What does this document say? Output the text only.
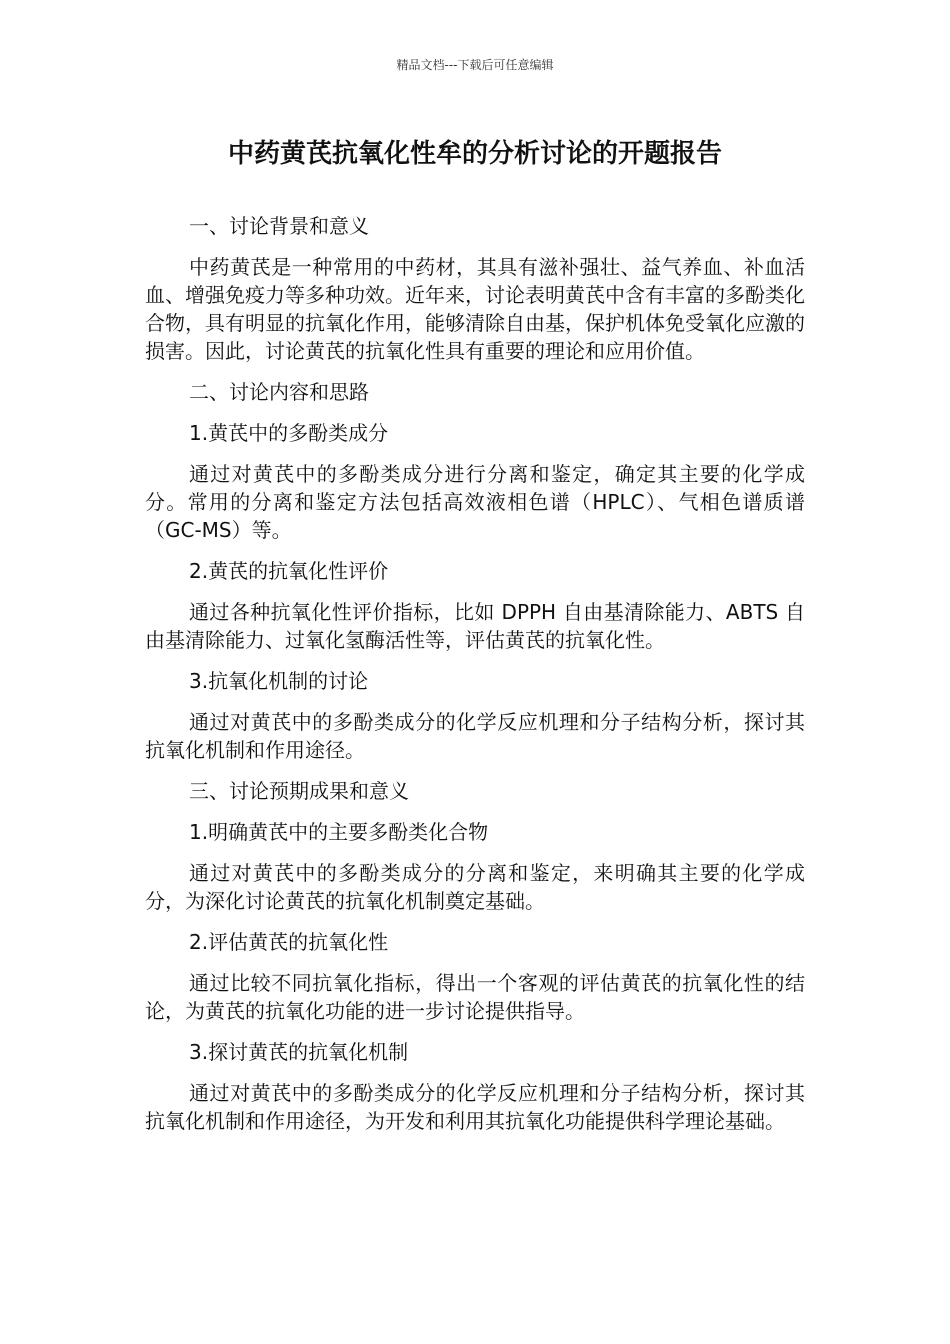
精品文档---下载后可任意编辑
中药黄芪抗氧化性牟的分析讨论的开题报告

一、讨论背景和意义

中药黄芪是一种常用的中药材，其具有滋补强壮、益气养血、补血活血、增强免疫力等多种功效。近年来，讨论表明黄芪中含有丰富的多酚类化合物，具有明显的抗氧化作用，能够清除自由基，保护机体免受氧化应激的损害。因此，讨论黄芪的抗氧化性具有重要的理论和应用价值。

二、讨论内容和思路

1.黄芪中的多酚类成分

通过对黄芪中的多酚类成分进行分离和鉴定，确定其主要的化学成分。常用的分离和鉴定方法包括高效液相色谱（HPLC）、气相色谱质谱（GC-MS）等。

2.黄芪的抗氧化性评价

通过各种抗氧化性评价指标，比如 DPPH 自由基清除能力、ABTS 自由基清除能力、过氧化氢酶活性等，评估黄芪的抗氧化性。

3.抗氧化机制的讨论

通过对黄芪中的多酚类成分的化学反应机理和分子结构分析，探讨其抗氧化机制和作用途径。

三、讨论预期成果和意义

1.明确黄芪中的主要多酚类化合物

通过对黄芪中的多酚类成分的分离和鉴定，来明确其主要的化学成分，为深化讨论黄芪的抗氧化机制奠定基础。

2.评估黄芪的抗氧化性

通过比较不同抗氧化指标，得出一个客观的评估黄芪的抗氧化性的结论，为黄芪的抗氧化功能的进一步讨论提供指导。

3.探讨黄芪的抗氧化机制

通过对黄芪中的多酚类成分的化学反应机理和分子结构分析，探讨其抗氧化机制和作用途径，为开发和利用其抗氧化功能提供科学理论基础。
